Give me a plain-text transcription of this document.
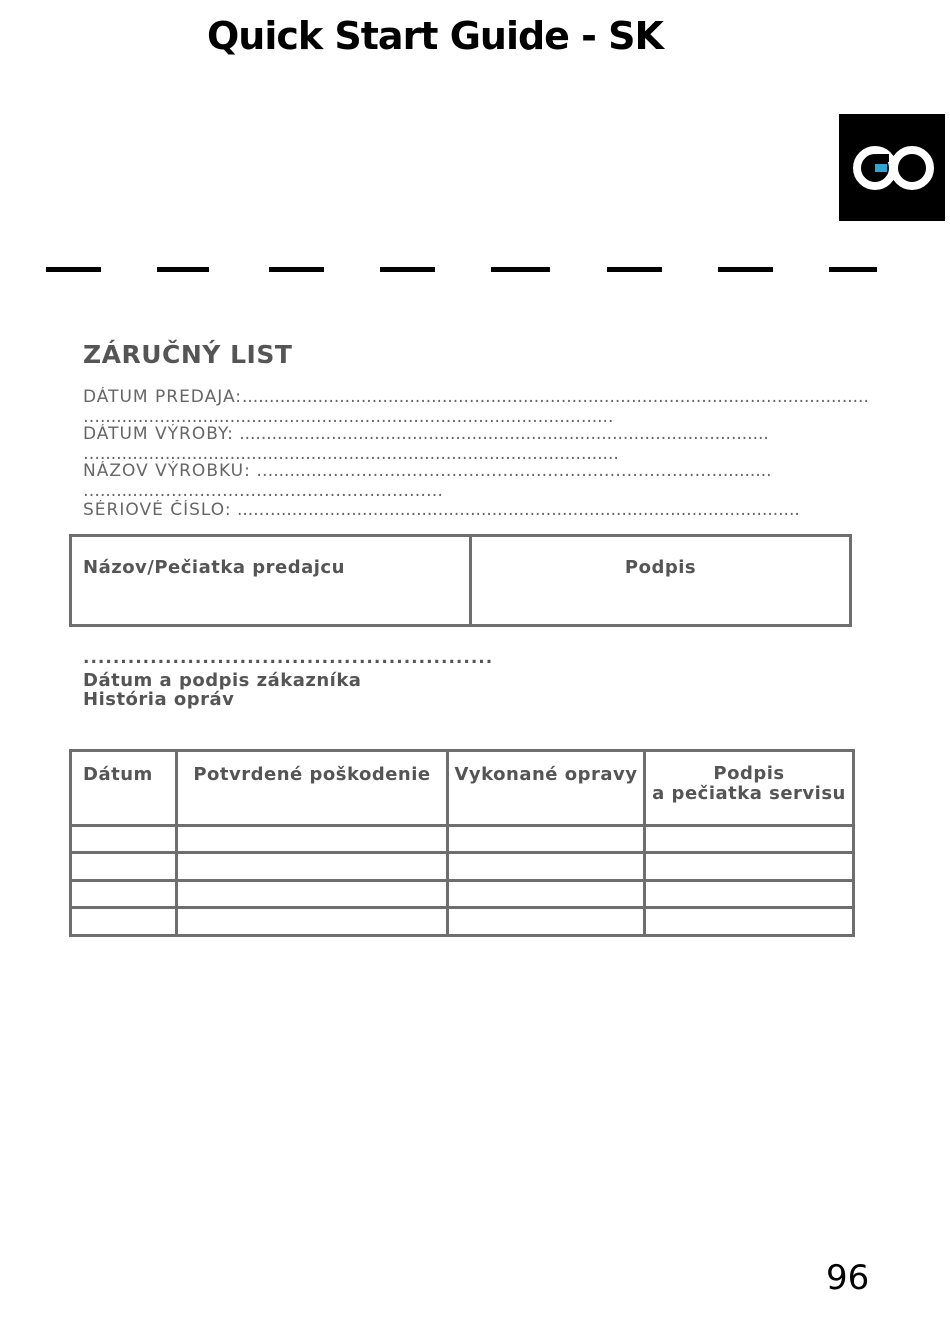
Quick Start Guide - SK
ZÁRUČNÝ LIST
DÁTUM PREDAJA:....................................................................................................................
…...............................................................................................
DÁTUM VÝROBY: ..................................................................................................
…................................................................................................
NÁZOV VÝROBKU: …..........…………..…………………..…………………………….........
…..........……………………………………………
SÉRIOVÉ ČÍSLO: ....….................................................................................................
Názov/Pečiatka predajcu	Podpis
.......................................................
Dátum a podpis zákazníka
História opráv
Dátum	Potvrdené poškodenie	Vykonané opravy	Podpis
a pečiatka servisu

96
